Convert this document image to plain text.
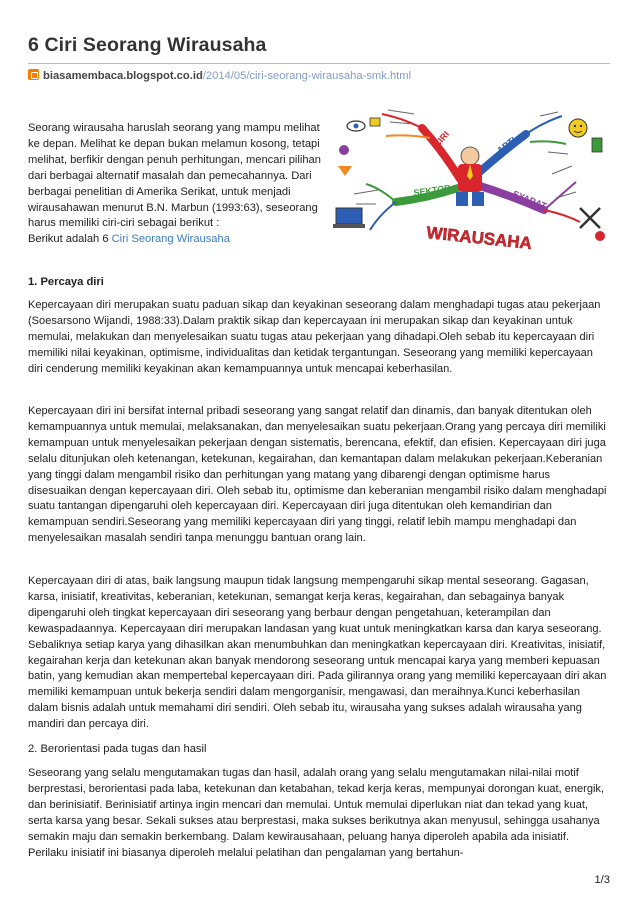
6 Ciri Seorang Wirausaha
biasamembaca.blogspot.co.id/2014/05/ciri-seorang-wirausaha-smk.html

Seorang wirausaha haruslah seorang yang mampu melihat ke depan. Melihat ke depan bukan melamun kosong, tetapi melihat, berfikir dengan penuh perhitungan, mencari pilihan dari berbagai alternatif masalah dan pemecahannya. Dari berbagai penelitian di Amerika Serikat, untuk menjadi wirausahawan menurut B.N. Marbun (1993:63), seseorang harus memiliki ciri-ciri sebagai berikut :
Berikut adalah 6 Ciri Seorang Wirausaha

CIRI	ARTI
SYARAT
SEKTOR
WIRAUSAHA

1. Percaya diri

Kepercayaan diri merupakan suatu paduan sikap dan keyakinan seseorang dalam menghadapi tugas atau pekerjaan (Soesarsono Wijandi, 1988:33).Dalam praktik sikap dan kepercayaan ini merupakan sikap dan keyakinan untuk memulai, melakukan dan menyelesaikan suatu tugas atau pekerjaan yang dihadapi.Oleh sebab itu kepercayaan diri memiliki nilai keyakinan, optimisme, individualitas dan ketidak tergantungan. Seseorang yang memiliki kepercayaan diri cenderung memiliki keyakinan akan kemampuannya untuk mencapai keberhasilan.

Kepercayaan diri ini bersifat internal pribadi seseorang yang sangat relatif dan dinamis, dan banyak ditentukan oleh kemampuannya untuk memulai, melaksanakan, dan menyelesaikan suatu pekerjaan.Orang yang percaya diri memiliki kemampuan untuk menyelesaikan pekerjaan dengan sistematis, berencana, efektif, dan efisien. Kepercayaan diri juga selalu ditunjukan oleh ketenangan, ketekunan, kegairahan, dan kemantapan dalam melakukan pekerjaan.Keberanian yang tinggi dalam mengambil risiko dan perhitungan yang matang yang dibarengi dengan optimisme harus disesuaikan dengan kepercayaan diri. Oleh sebab itu, optimisme dan keberanian mengambil risiko dalam menghadapi suatu tantangan dipengaruhi oleh kepercayaan diri. Kepercayaan diri juga ditentukan oleh kemandirian dan kemampuan sendiri.Seseorang yang memiliki kepercayaan diri yang tinggi, relatif lebih mampu menghadapi dan menyelesaikan masalah sendiri tanpa menunggu bantuan orang lain.

Kepercayaan diri di atas, baik langsung maupun tidak langsung mempengaruhi sikap mental seseorang. Gagasan, karsa, inisiatif, kreativitas, keberanian, ketekunan, semangat kerja keras, kegairahan, dan sebagainya banyak dipengaruhi oleh tingkat kepercayaan diri seseorang yang berbaur dengan pengetahuan, keterampilan dan kewaspadaannya. Kepercayaan diri merupakan landasan yang kuat untuk meningkatkan karsa dan karya seseorang. Sebaliknya setiap karya yang dihasilkan akan menumbuhkan dan meningkatkan kepercayaan diri. Kreativitas, inisiatif, kegairahan kerja dan ketekunan akan banyak mendorong seseorang untuk mencapai karya yang memberi kepuasan batin, yang kemudian akan mempertebal kepercayaan diri. Pada gilirannya orang yang memiliki kepercayaan diri akan memiliki kemampuan untuk bekerja sendiri dalam mengorganisir, mengawasi, dan meraihnya.Kunci keberhasilan dalam bisnis adalah untuk memahami diri sendiri. Oleh sebab itu, wirausaha yang sukses adalah wirausaha yang mandiri dan percaya diri.

2. Berorientasi pada tugas dan hasil

Seseorang yang selalu mengutamakan tugas dan hasil, adalah orang yang selalu mengutamakan nilai-nilai motif berprestasi, berorientasi pada laba, ketekunan dan ketabahan, tekad kerja keras, mempunyai dorongan kuat, energik, dan berinisiatif. Berinisiatif artinya ingin mencari dan memulai. Untuk memulai diperlukan niat dan tekad yang kuat, serta karsa yang besar. Sekali sukses atau berprestasi, maka sukses berikutnya akan menyusul, sehingga usahanya semakin maju dan semakin berkembang. Dalam kewirausahaan, peluang hanya diperoleh apabila ada inisiatif. Perilaku inisiatif ini biasanya diperoleh melalui pelatihan dan pengalaman yang bertahun-

1/3
